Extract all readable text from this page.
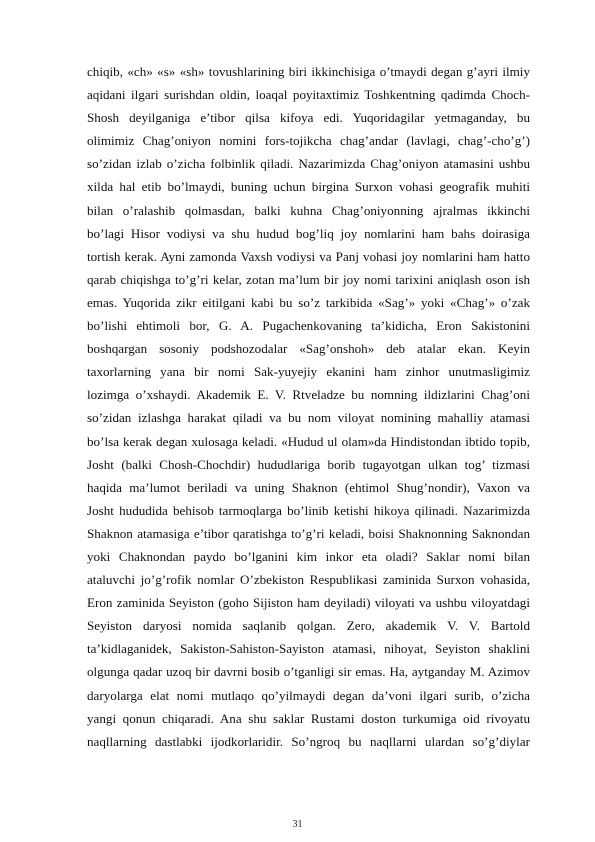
chiqib, «ch» «s» «sh» tovushlarining biri ikkinchisiga o’tmaydi degan g’ayri ilmiy
aqidani ilgari surishdan oldin, loaqal poyitaxtimiz Toshkentning qadimda Choch-
Shosh deyilganiga e’tibor qilsa kifoya edi. Yuqoridagilar yetmaganday, bu
olimimiz Chag’oniyon nomini fors-tojikcha chag’andar (lavlagi, chag’-cho’g’)
so’zidan izlab o’zicha folbinlik qiladi. Nazarimizda Chag’oniyon atamasini ushbu
xilda hal etib bo’lmaydi, buning uchun birgina Surxon vohasi geografik muhiti
bilan o’ralashib qolmasdan, balki kuhna Chag’oniyonning ajralmas ikkinchi
bo’lagi Hisor vodiysi va shu hudud bog’liq joy nomlarini ham bahs doirasiga
tortish kerak. Ayni zamonda Vaxsh vodiysi va Panj vohasi joy nomlarini ham hatto
qarab chiqishga to’g’ri kelar, zotan ma’lum bir joy nomi tarixini aniqlash oson ish
emas. Yuqorida zikr eitilgani kabi bu so’z tarkibida «Sag’» yoki «Chag’» o’zak
bo’lishi ehtimoli bor, G. A. Pugachenkovaning ta’kidicha, Eron Sakistonini
boshqargan sosoniy podshozodalar «Sag’onshoh» deb atalar ekan. Keyin
taxorlarning yana bir nomi Sak-yuyejiy ekanini ham zinhor unutmasligimiz
lozimga o’xshaydi. Akademik E. V. Rtveladze bu nomning ildizlarini Chag’oni
so’zidan izlashga harakat qiladi va bu nom viloyat nomining mahalliy atamasi
bo’lsa kerak degan xulosaga keladi. «Hudud ul olam»da Hindistondan ibtido topib,
Josht (balki Chosh-Chochdir) hududlariga borib tugayotgan ulkan tog’ tizmasi
haqida ma’lumot beriladi va uning Shaknon (ehtimol Shug’nondir), Vaxon va
Josht hududida behisob tarmoqlarga bo’linib ketishi hikoya qilinadi. Nazarimizda
Shaknon atamasiga e’tibor qaratishga to’g’ri keladi, boisi Shaknonning Saknondan
yoki Chaknondan paydo bo’lganini kim inkor eta oladi? Saklar nomi bilan
ataluvchi jo’g’rofik nomlar O’zbekiston Respublikasi zaminida Surxon vohasida,
Eron zaminida Seyiston (goho Sijiston ham deyiladi) viloyati va ushbu viloyatdagi
Seyiston daryosi nomida saqlanib qolgan. Zero, akademik V. V. Bartold
ta’kidlaganidek, Sakiston-Sahiston-Sayiston atamasi, nihoyat, Seyiston shaklini
olgunga qadar uzoq bir davrni bosib o’tganligi sir emas. Ha, aytganday M. Azimov
daryolarga elat nomi mutlaqo qo’yilmaydi degan da’voni ilgari surib, o’zicha
yangi qonun chiqaradi. Ana shu saklar Rustami doston turkumiga oid rivoyatu
naqllarning dastlabki ijodkorlaridir. So’ngroq bu naqllarni ulardan so’g’diylar
31
